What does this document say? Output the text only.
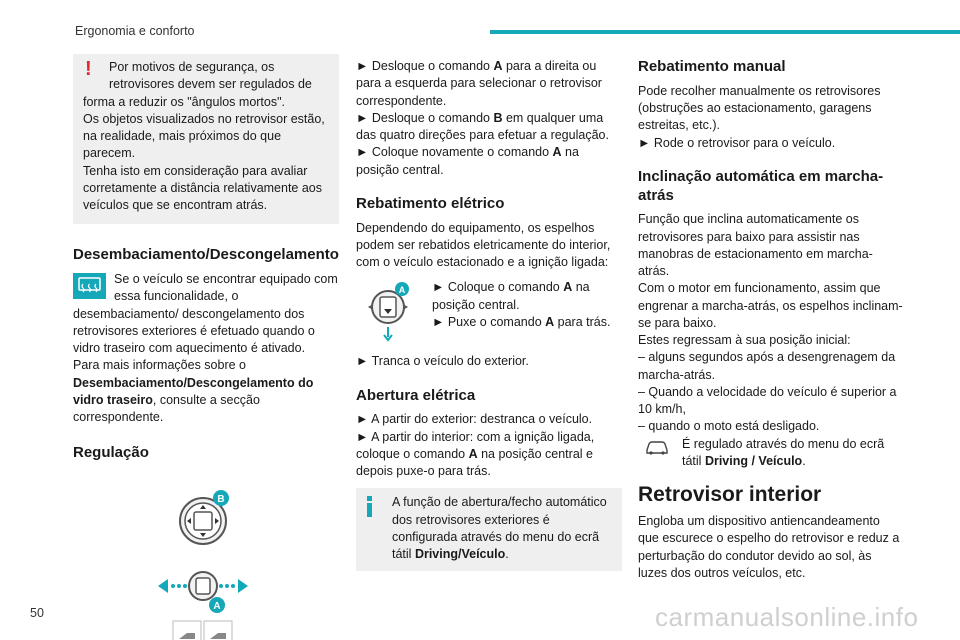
Ergonomia e conforto
!	Por motivos de segurança, os

retrovisores devem ser regulados de

forma a reduzir os "ângulos mortos".

Os objetos visualizados no retrovisor estão, na realidade, mais próximos do que parecem.

Tenha isto em consideração para avaliar corretamente a distância relativamente aos veículos que se encontram atrás.

Desembaciamento/Descongelamento

Se o veículo se encontrar equipado com essa funcionalidade, o desembaciamento/ descongelamento dos retrovisores exteriores é efetuado quando o vidro traseiro com aquecimento é ativado.

Para mais informações sobre o Desembaciamento/Descongelamento do vidro traseiro, consulte a secção correspondente.

Regulação
B
A

► Desloque o comando A para a direita ou para a esquerda para selecionar o retrovisor correspondente.

► Desloque o comando B em qualquer uma das quatro direções para efetuar a regulação.

► Coloque novamente o comando A na posição central.

Rebatimento elétrico

Dependendo do equipamento, os espelhos podem ser rebatidos eletricamente do interior, com o veículo estacionado e a ignição ligada:

A ► Coloque o comando A na posição central.

► Puxe o comando A para trás.

► Tranca o veículo do exterior.

Abertura elétrica

► A partir do exterior: destranca o veículo.

► A partir do interior: com a ignição ligada, coloque o comando A na posição central e depois puxe-o para trás.

A função de abertura/fecho automático dos retrovisores exteriores é configurada através do menu do ecrã tátil Driving/Veículo.

Rebatimento manual

Pode recolher manualmente os retrovisores (obstruções ao estacionamento, garagens estreitas, etc.).

► Rode o retrovisor para o veículo.

Inclinação automática em marcha-atrás

Função que inclina automaticamente os retrovisores para baixo para assistir nas manobras de estacionamento em marcha-atrás.

Com o motor em funcionamento, assim que engrenar a marcha-atrás, os espelhos inclinam-se para baixo.

Estes regressam à sua posição inicial:

– alguns segundos após a desengrenagem da marcha-atrás.

– Quando a velocidade do veículo é superior a 10 km/h,

– quando o moto está desligado.

É regulado através do menu do ecrã tátil Driving / Veículo.

Retrovisor interior

Engloba um dispositivo antiencandeamento que escurece o espelho do retrovisor e reduz a perturbação do condutor devido ao sol, às luzes dos outros veículos, etc.

50	carmanualsonline.info
